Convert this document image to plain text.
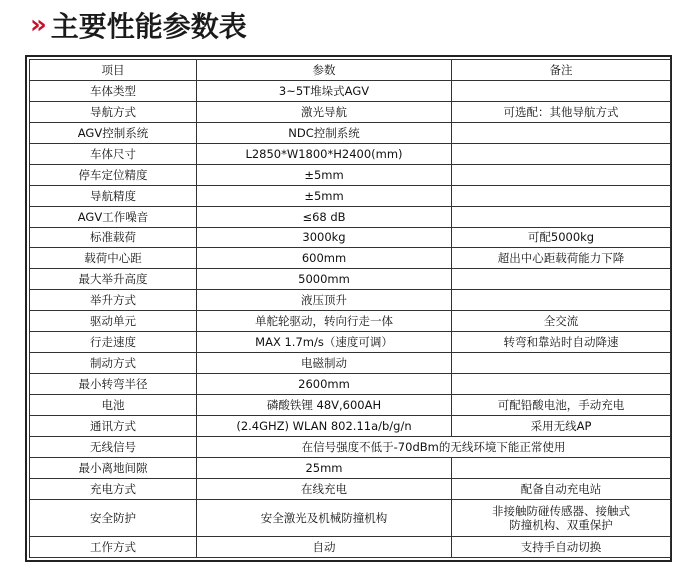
» 主要性能参数表
项目	参数	备注
车体类型	3~5T堆垛式AGV	
导航方式	激光导航	可选配：其他导航方式
AGV控制系统	NDC控制系统	
车体尺寸	L2850*W1800*H2400(mm)	
停车定位精度	±5mm	
导航精度	±5mm	
AGV工作噪音	≤68 dB	
标准载荷	3000kg	可配5000kg
载荷中心距	600mm	超出中心距载荷能力下降
最大举升高度	5000mm	
举升方式	液压顶升	
驱动单元	单舵轮驱动，转向行走一体	全交流
行走速度	MAX 1.7m/s（速度可调）	转弯和靠站时自动降速
制动方式	电磁制动	
最小转弯半径	2600mm	
电池	磷酸铁锂 48V,600AH	可配铅酸电池，手动充电
通讯方式	(2.4GHZ) WLAN 802.11a/b/g/n	采用无线AP
无线信号	在信号强度不低于-70dBm的无线环境下能正常使用	
最小离地间隙	25mm	
充电方式	在线充电	配备自动充电站
安全防护	安全激光及机械防撞机构	非接触防碰传感器、接触式
防撞机构、双重保护
工作方式	自动	支持手自动切换
